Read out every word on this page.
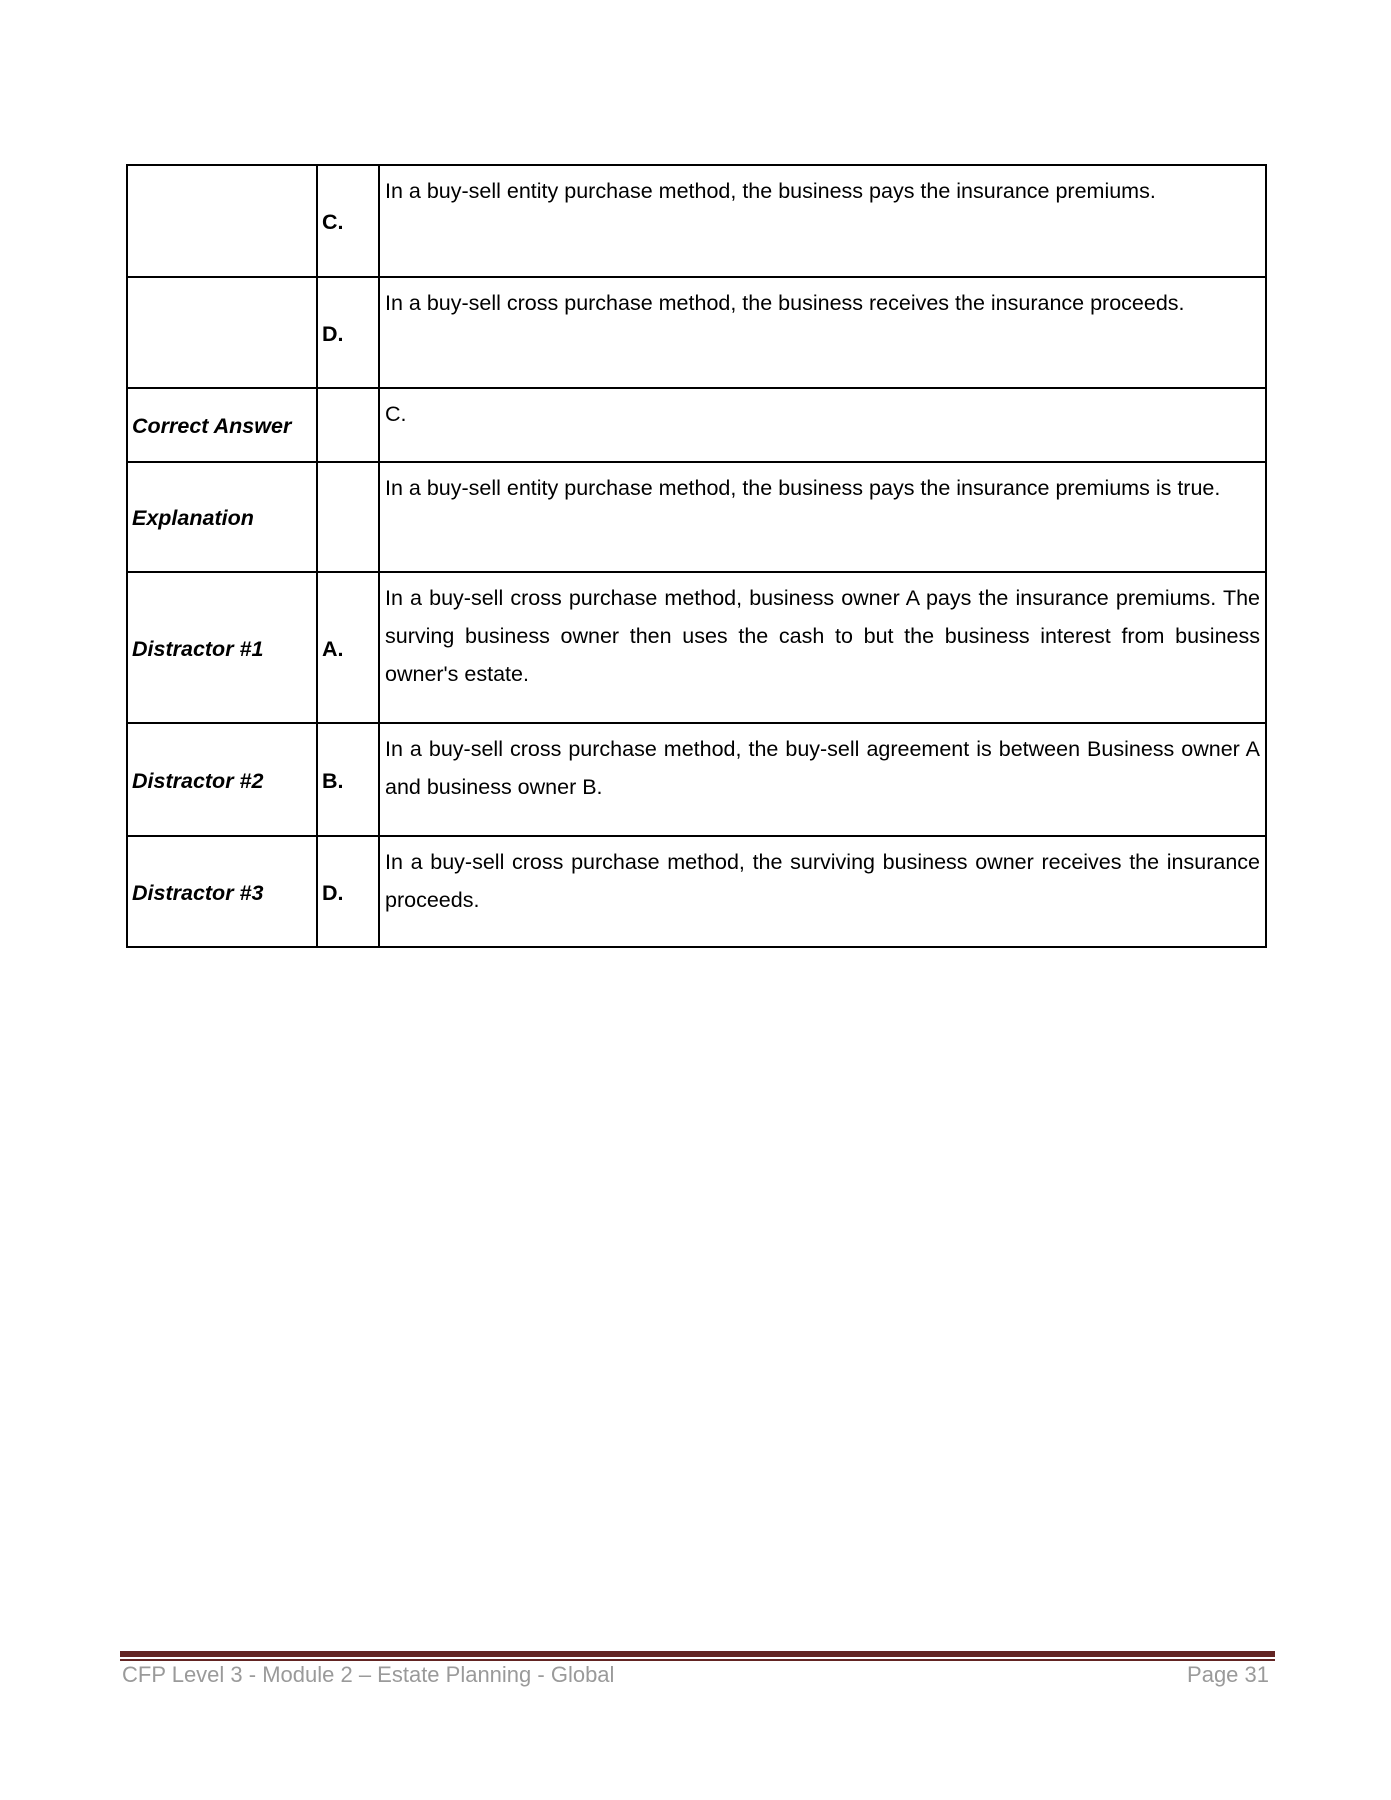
	C.	In a buy-sell entity purchase method, the business pays the insurance premiums.
	D.	In a buy-sell cross purchase method, the business receives the insurance proceeds.
Correct Answer		C.
Explanation		In a buy-sell entity purchase method, the business pays the insurance premiums is true.
Distractor #1	A.	In a buy-sell cross purchase method, business owner A pays the insurance premiums. The surving business owner then uses the cash to but the business interest from business owner's estate.
Distractor #2	B.	In a buy-sell cross purchase method, the buy-sell agreement is between Business owner A and business owner B.
Distractor #3	D.	In a buy-sell cross purchase method, the surviving business owner receives the insurance proceeds.
CFP Level 3 - Module 2 – Estate Planning - Global	Page 31
